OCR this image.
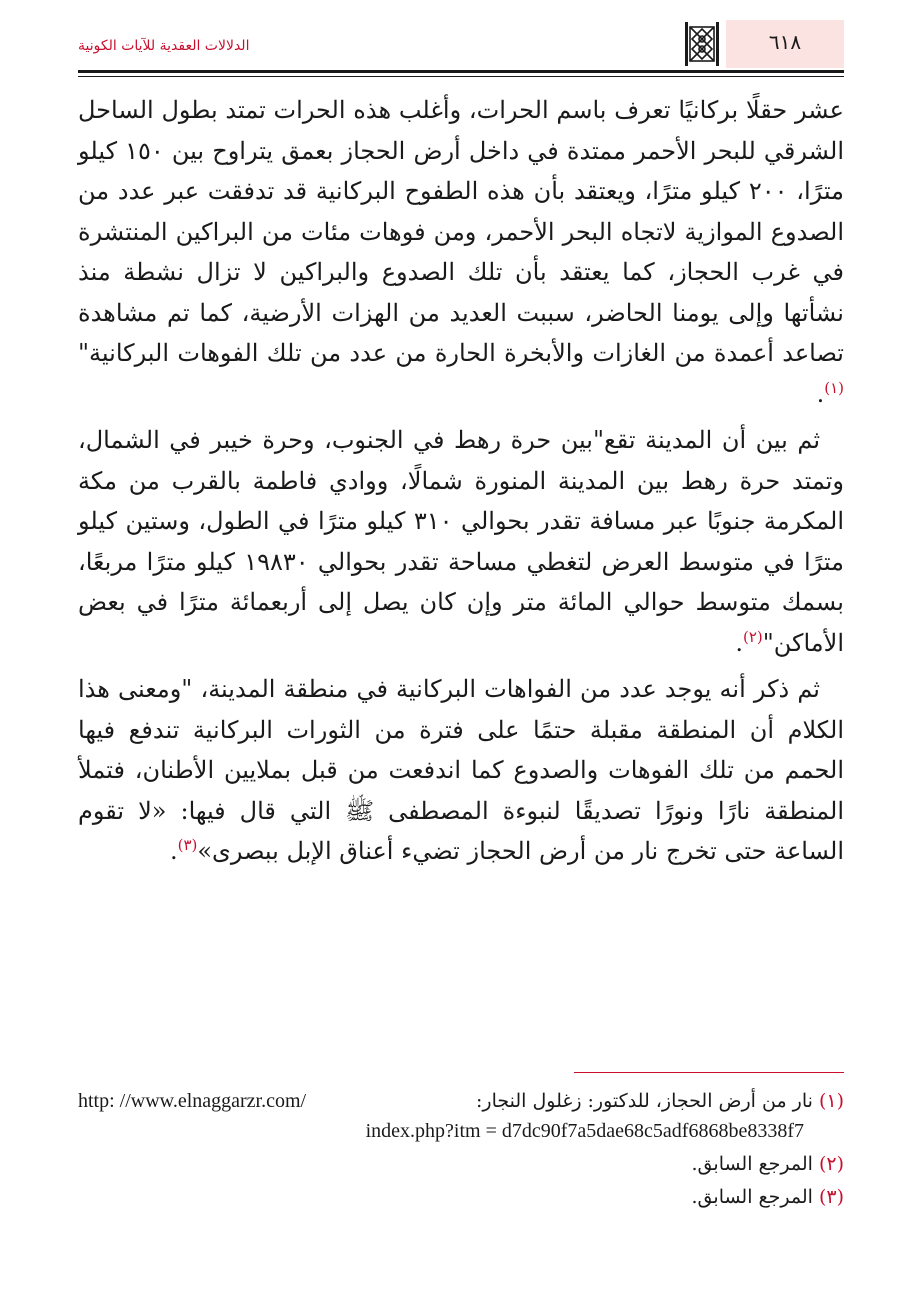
الدلالات العقدية للآيات الكونية	٦١٨

عشر حقلًا بركانيًا تعرف باسم الحرات، وأغلب هذه الحرات تمتد بطول الساحل الشرقي للبحر الأحمر ممتدة في داخل أرض الحجاز بعمق يتراوح بين ١٥٠ كيلو مترًا، ٢٠٠ كيلو مترًا، ويعتقد بأن هذه الطفوح البركانية قد تدفقت عبر عدد من الصدوع الموازية لاتجاه البحر الأحمر، ومن فوهات مئات من البراكين المنتشرة في غرب الحجاز، كما يعتقد بأن تلك الصدوع والبراكين لا تزال نشطة منذ نشأتها وإلى يومنا الحاضر، سببت العديد من الهزات الأرضية، كما تم مشاهدة تصاعد أعمدة من الغازات والأبخرة الحارة من عدد من تلك الفوهات البركانية"$^{(١)}$.

ثم بين أن المدينة تقع"بين حرة رهط في الجنوب، وحرة خيبر في الشمال، وتمتد حرة رهط بين المدينة المنورة شمالًا، ووادي فاطمة بالقرب من مكة المكرمة جنوبًا عبر مسافة تقدر بحوالي ٣١٠ كيلو مترًا في الطول، وستين كيلو مترًا في متوسط العرض لتغطي مساحة تقدر بحوالي ١٩٨٣٠ كيلو مترًا مربعًا، بسمك متوسط حوالي المائة متر وإن كان يصل إلى أربعمائة مترًا في بعض الأماكن"$^{(٢)}$.

ثم ذكر أنه يوجد عدد من الفواهات البركانية في منطقة المدينة، "ومعنى هذا الكلام أن المنطقة مقبلة حتمًا على فترة من الثورات البركانية تندفع فيها الحمم من تلك الفوهات والصدوع كما اندفعت من قبل بملايين الأطنان، فتملأ المنطقة نارًا ونورًا تصديقًا لنبوءة المصطفى ﷺ التي قال فيها: «لا تقوم الساعة حتى تخرج نار من أرض الحجاز تضيء أعناق الإبل ببصرى»$^{(٣)}$.

(١)نار من أرض الحجاز، للدكتور: زغلول النجار:
http: //www.elnaggarzr.com/
index.php?itm = d7dc90f7a5dae68c5adf6868be8338f7
(٢)المرجع السابق.
(٣)المرجع السابق.
